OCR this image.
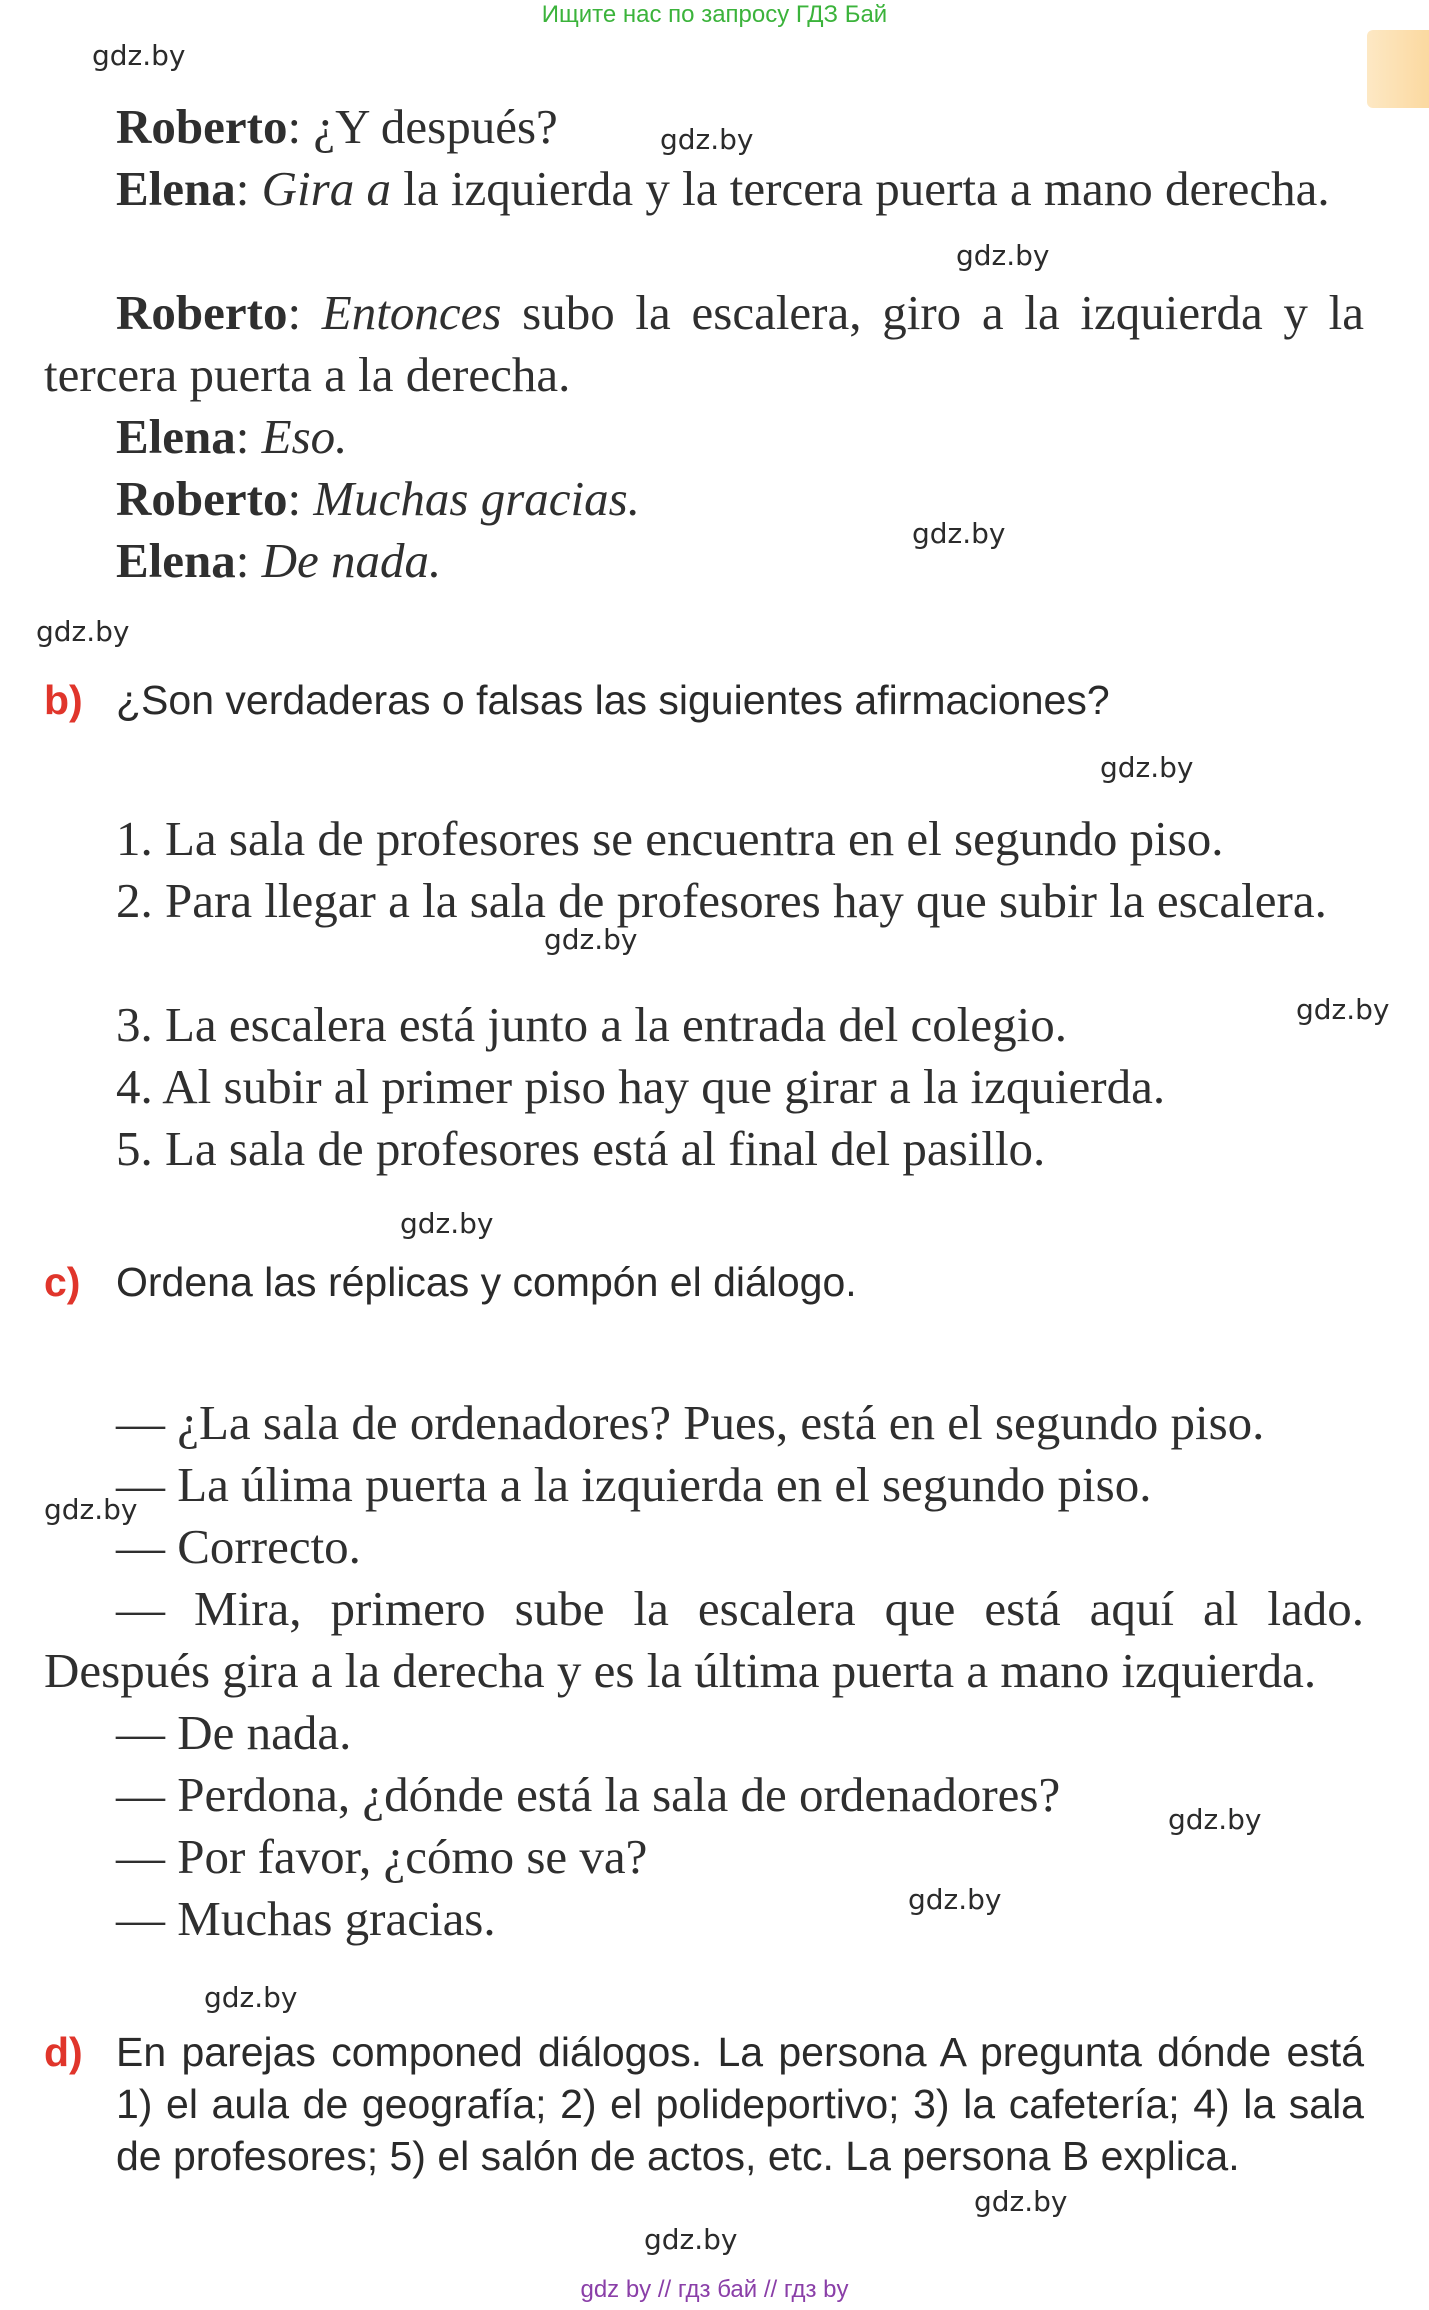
Ищите нас по запросу ГДЗ Бай
Roberto: ¿Y después?
Elena: Gira a la izquierda y la tercera puerta a mano derecha.
Roberto: Entonces subo la escalera, giro a la izquierda y la tercera puerta a la derecha.
Elena: Eso.
Roberto: Muchas gracias.
Elena: De nada.
b) ¿Son verdaderas o falsas las siguientes afirmaciones?
1. La sala de profesores se encuentra en el segundo piso.
2. Para llegar a la sala de profesores hay que subir la escalera.
3. La escalera está junto a la entrada del colegio.
4. Al subir al primer piso hay que girar a la izquierda.
5. La sala de profesores está al final del pasillo.
c) Ordena las réplicas y compón el diálogo.
— ¿La sala de ordenadores? Pues, está en el segundo piso.
— La úlima puerta a la izquierda en el segundo piso.
— Correcto.
— Mira, primero sube la escalera que está aquí al lado. Después gira a la derecha y es la última puerta a mano izquierda.
— De nada.
— Perdona, ¿dónde está la sala de ordenadores?
— Por favor, ¿cómo se va?
— Muchas gracias.
d) En parejas componed diálogos. La persona A pregunta dónde está 1) el aula de geografía; 2) el polideportivo; 3) la cafetería; 4) la sala de profesores; 5) el salón de actos, etc. La persona B explica.
gdz.by
gdz.by
gdz.by
gdz.by
gdz.by
gdz.by
gdz.by
gdz.by
gdz.by
gdz.by
gdz.by
gdz.by
gdz.by
gdz.by
gdz.by
gdz by // гдз бай // гдз by
